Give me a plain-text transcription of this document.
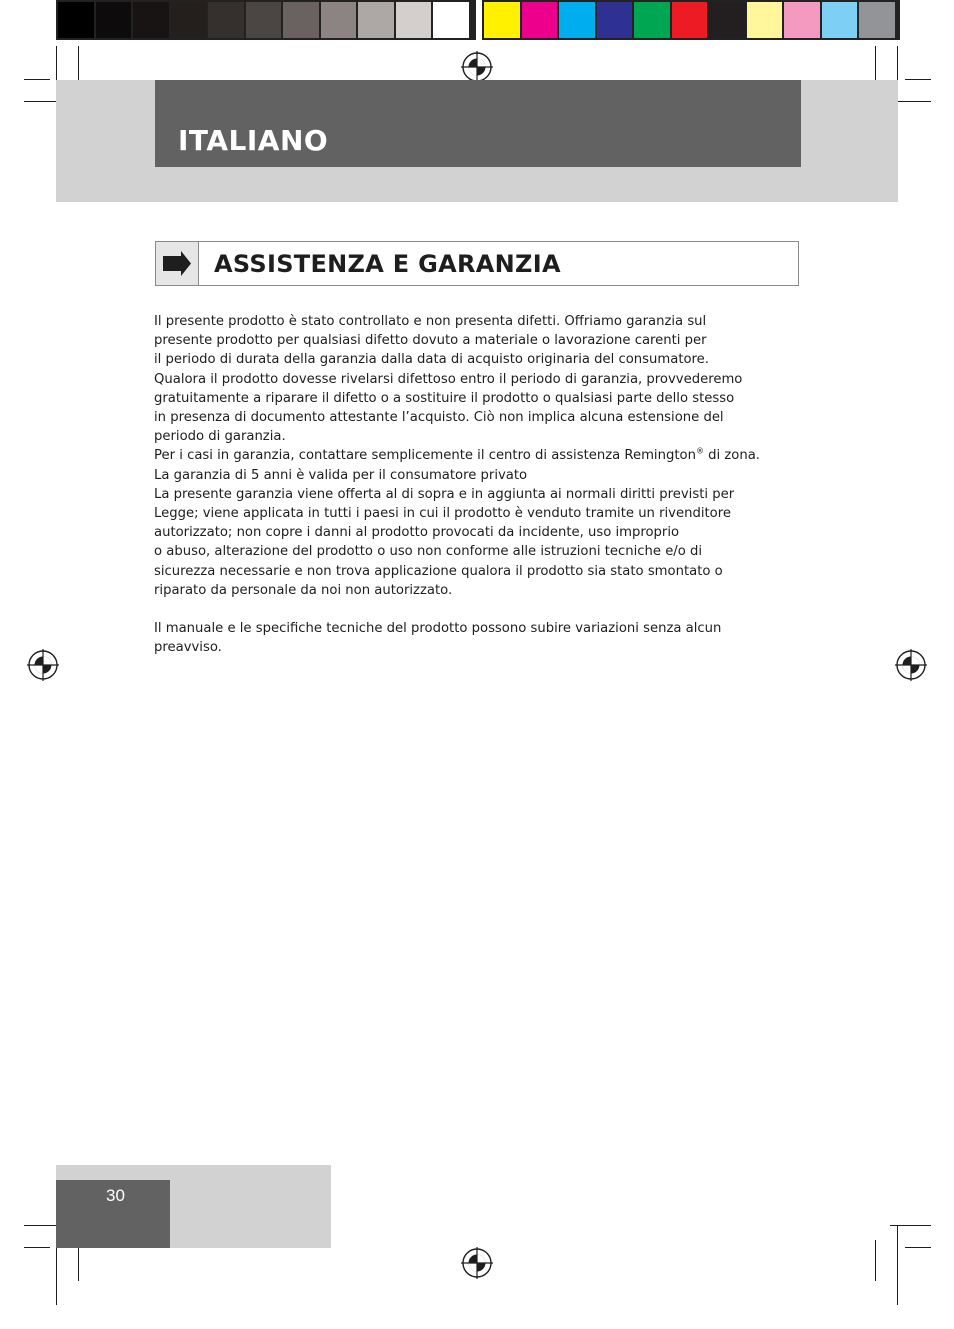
ITALIANO
ASSISTENZA E GARANZIA
Il presente prodotto è stato controllato e non presenta difetti. Offriamo garanzia sul
presente prodotto per qualsiasi difetto dovuto a materiale o lavorazione carenti per
il periodo di durata della garanzia dalla data di acquisto originaria del consumatore.
Qualora il prodotto dovesse rivelarsi difettoso entro il periodo di garanzia, provvederemo
gratuitamente a riparare il difetto o a sostituire il prodotto o qualsiasi parte dello stesso
in presenza di documento attestante l’acquisto. Ciò non implica alcuna estensione del
periodo di garanzia.
Per i casi in garanzia, contattare semplicemente il centro di assistenza Remington® di zona.
La garanzia di 5 anni è valida per il consumatore privato
La presente garanzia viene offerta al di sopra e in aggiunta ai normali diritti previsti per
Legge; viene applicata in tutti i paesi in cui il prodotto è venduto tramite un rivenditore
autorizzato; non copre i danni al prodotto provocati da incidente, uso improprio
o abuso, alterazione del prodotto o uso non conforme alle istruzioni tecniche e/o di
sicurezza necessarie e non trova applicazione qualora il prodotto sia stato smontato o
riparato da personale da noi non autorizzato.
Il manuale e le specifiche tecniche del prodotto possono subire variazioni senza alcun
preavviso.
30
